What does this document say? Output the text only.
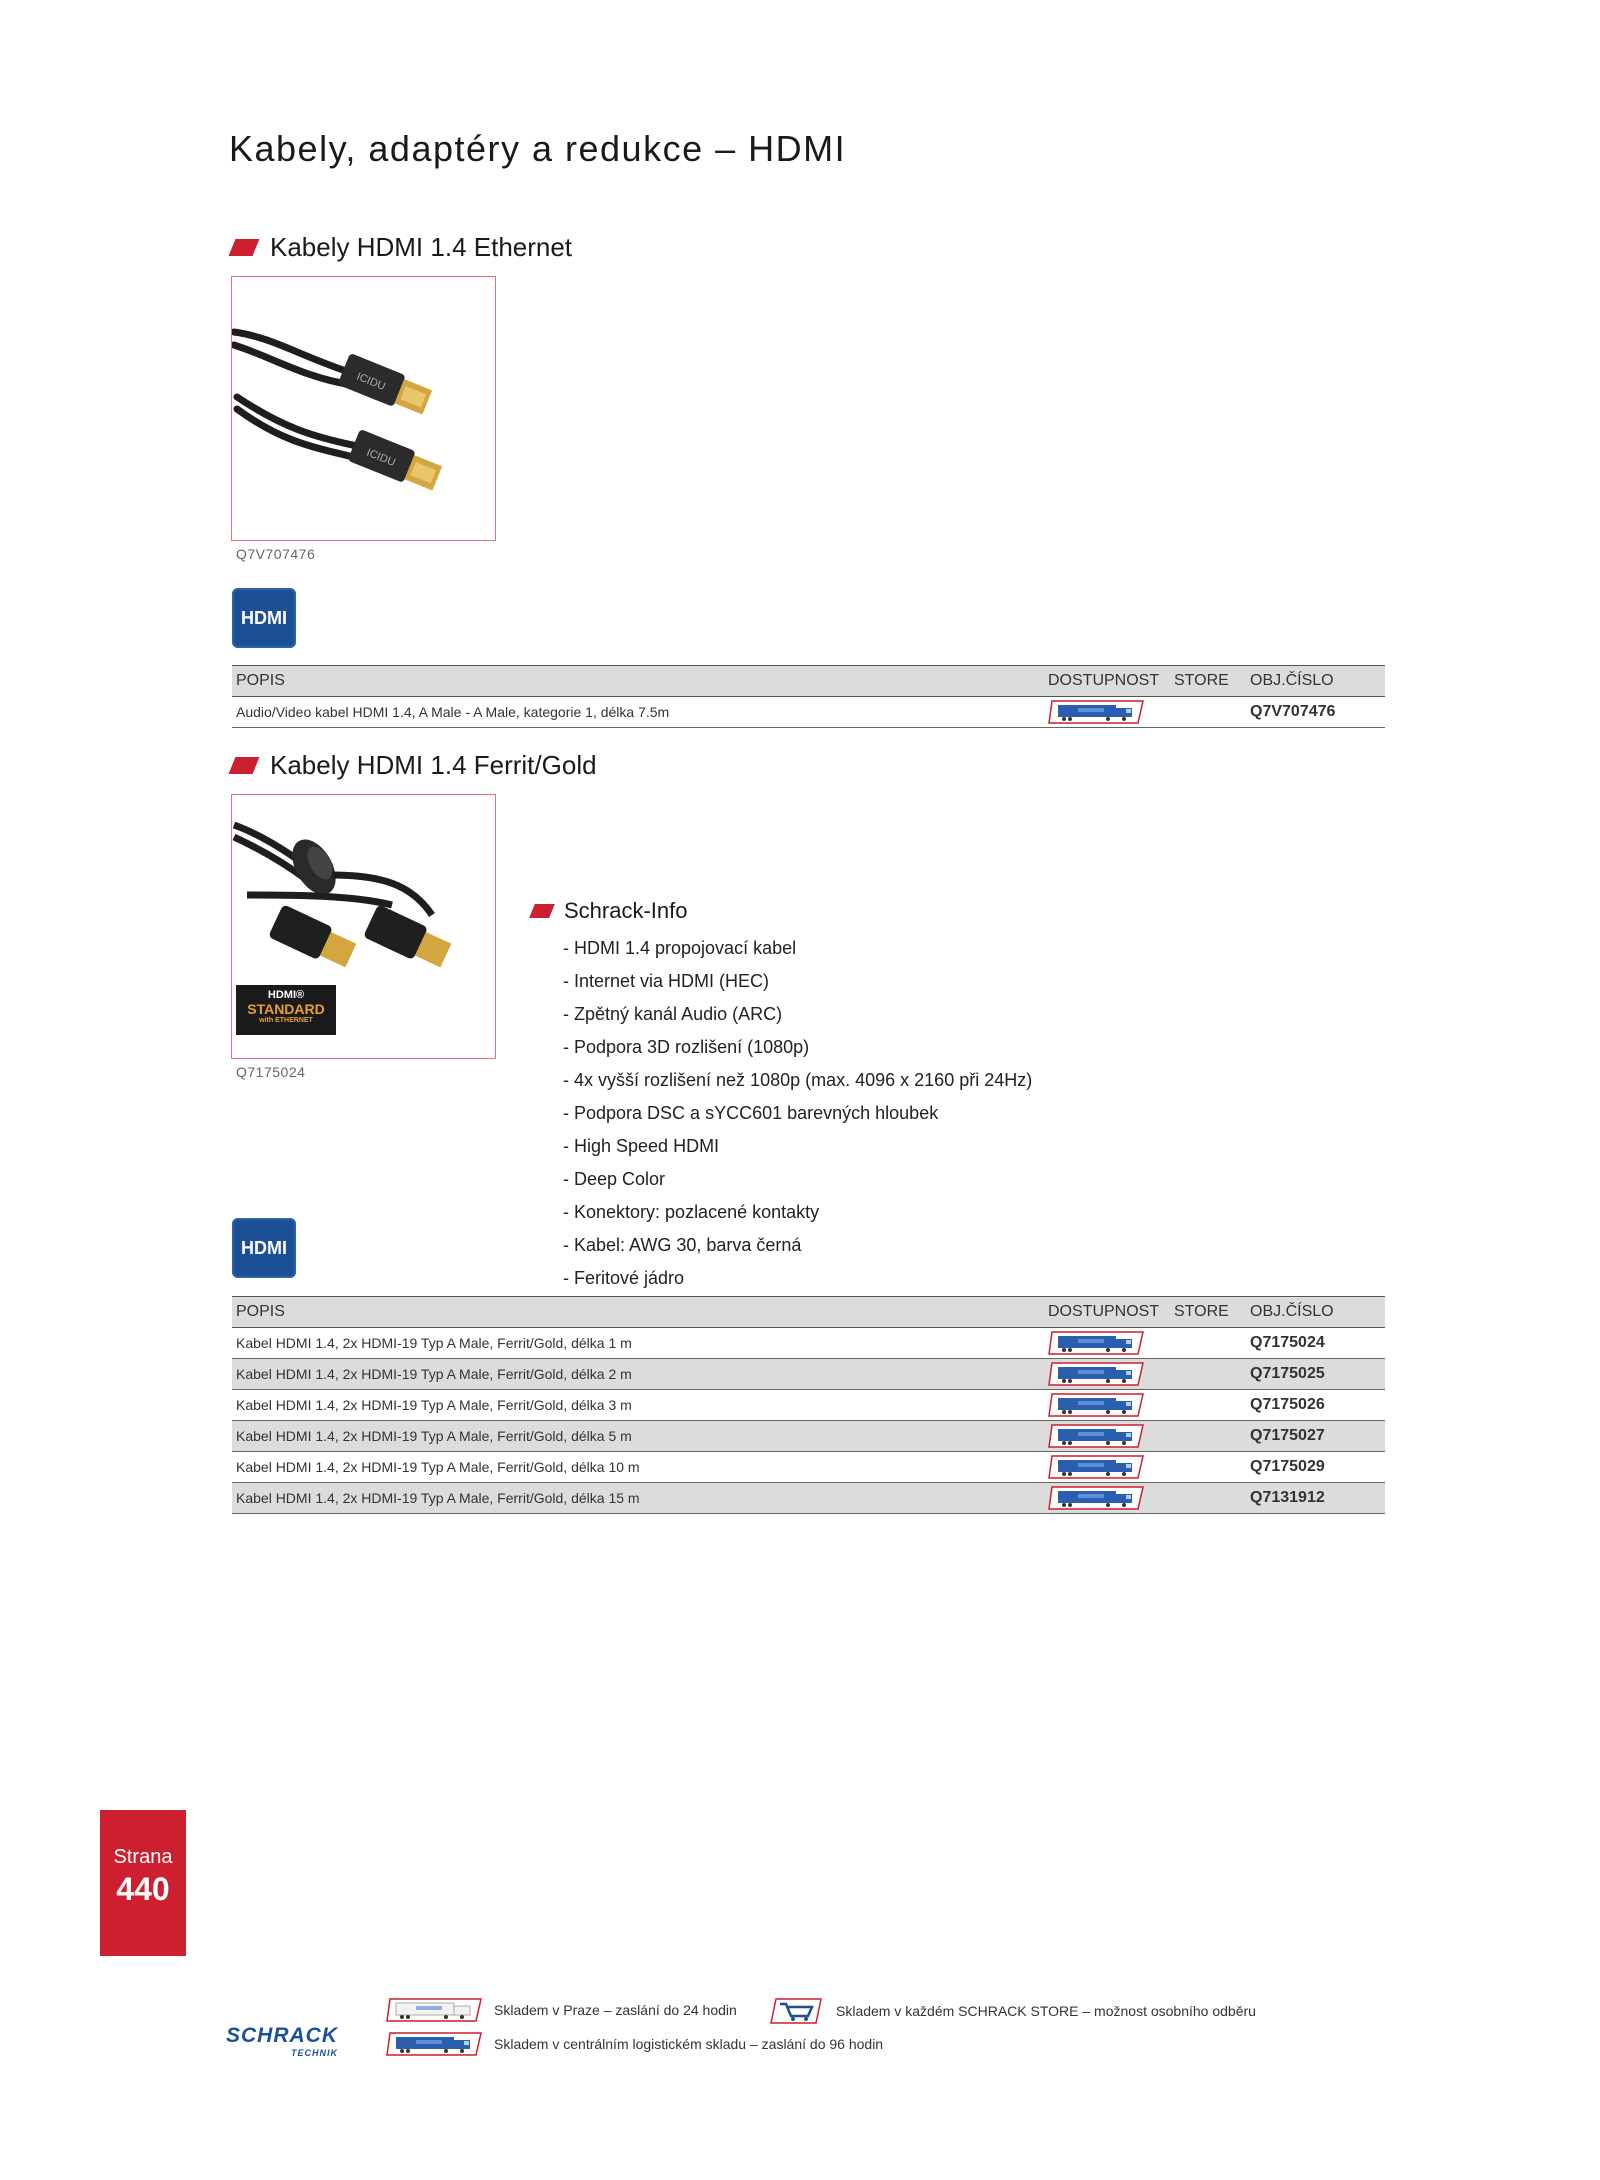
Kabely, adaptéry a redukce – HDMI
Kabely HDMI 1.4 Ethernet
ICIDU
ICIDU
Q7V707476
HDMI
POPIS	DOSTUPNOST	STORE	OBJ.ČÍSLO
Audio/Video kabel HDMI 1.4, A Male - A Male, kategorie 1, délka 7.5m			Q7V707476
Kabely HDMI 1.4 Ferrit/Gold
HDMI®
STANDARD
with ETHERNET
Q7175024
Schrack-Info
- HDMI 1.4 propojovací kabel
- Internet via HDMI (HEC)
- Zpětný kanál Audio (ARC)
- Podpora 3D rozlišení (1080p)
- 4x vyšší rozlišení než 1080p (max. 4096 x 2160 při 24Hz)
- Podpora DSC a sYCC601 barevných hloubek
- High Speed HDMI
- Deep Color
- Konektory: pozlacené kontakty
- Kabel: AWG 30, barva černá
- Feritové jádro
HDMI
POPIS	DOSTUPNOST	STORE	OBJ.ČÍSLO
Kabel HDMI 1.4, 2x HDMI-19 Typ A Male, Ferrit/Gold, délka 1 m			Q7175024
Kabel HDMI 1.4, 2x HDMI-19 Typ A Male, Ferrit/Gold, délka 2 m			Q7175025
Kabel HDMI 1.4, 2x HDMI-19 Typ A Male, Ferrit/Gold, délka 3 m			Q7175026
Kabel HDMI 1.4, 2x HDMI-19 Typ A Male, Ferrit/Gold, délka 5 m			Q7175027
Kabel HDMI 1.4, 2x HDMI-19 Typ A Male, Ferrit/Gold, délka 10 m			Q7175029
Kabel HDMI 1.4, 2x HDMI-19 Typ A Male, Ferrit/Gold, délka 15 m			Q7131912
Strana
440
Skladem v Praze – zaslání do 24 hodin	Skladem v každém SCHRACK STORE – možnost osobního odběru
Skladem v centrálním logistickém skladu – zaslání do 96 hodin
SCHRACK
TECHNIK
